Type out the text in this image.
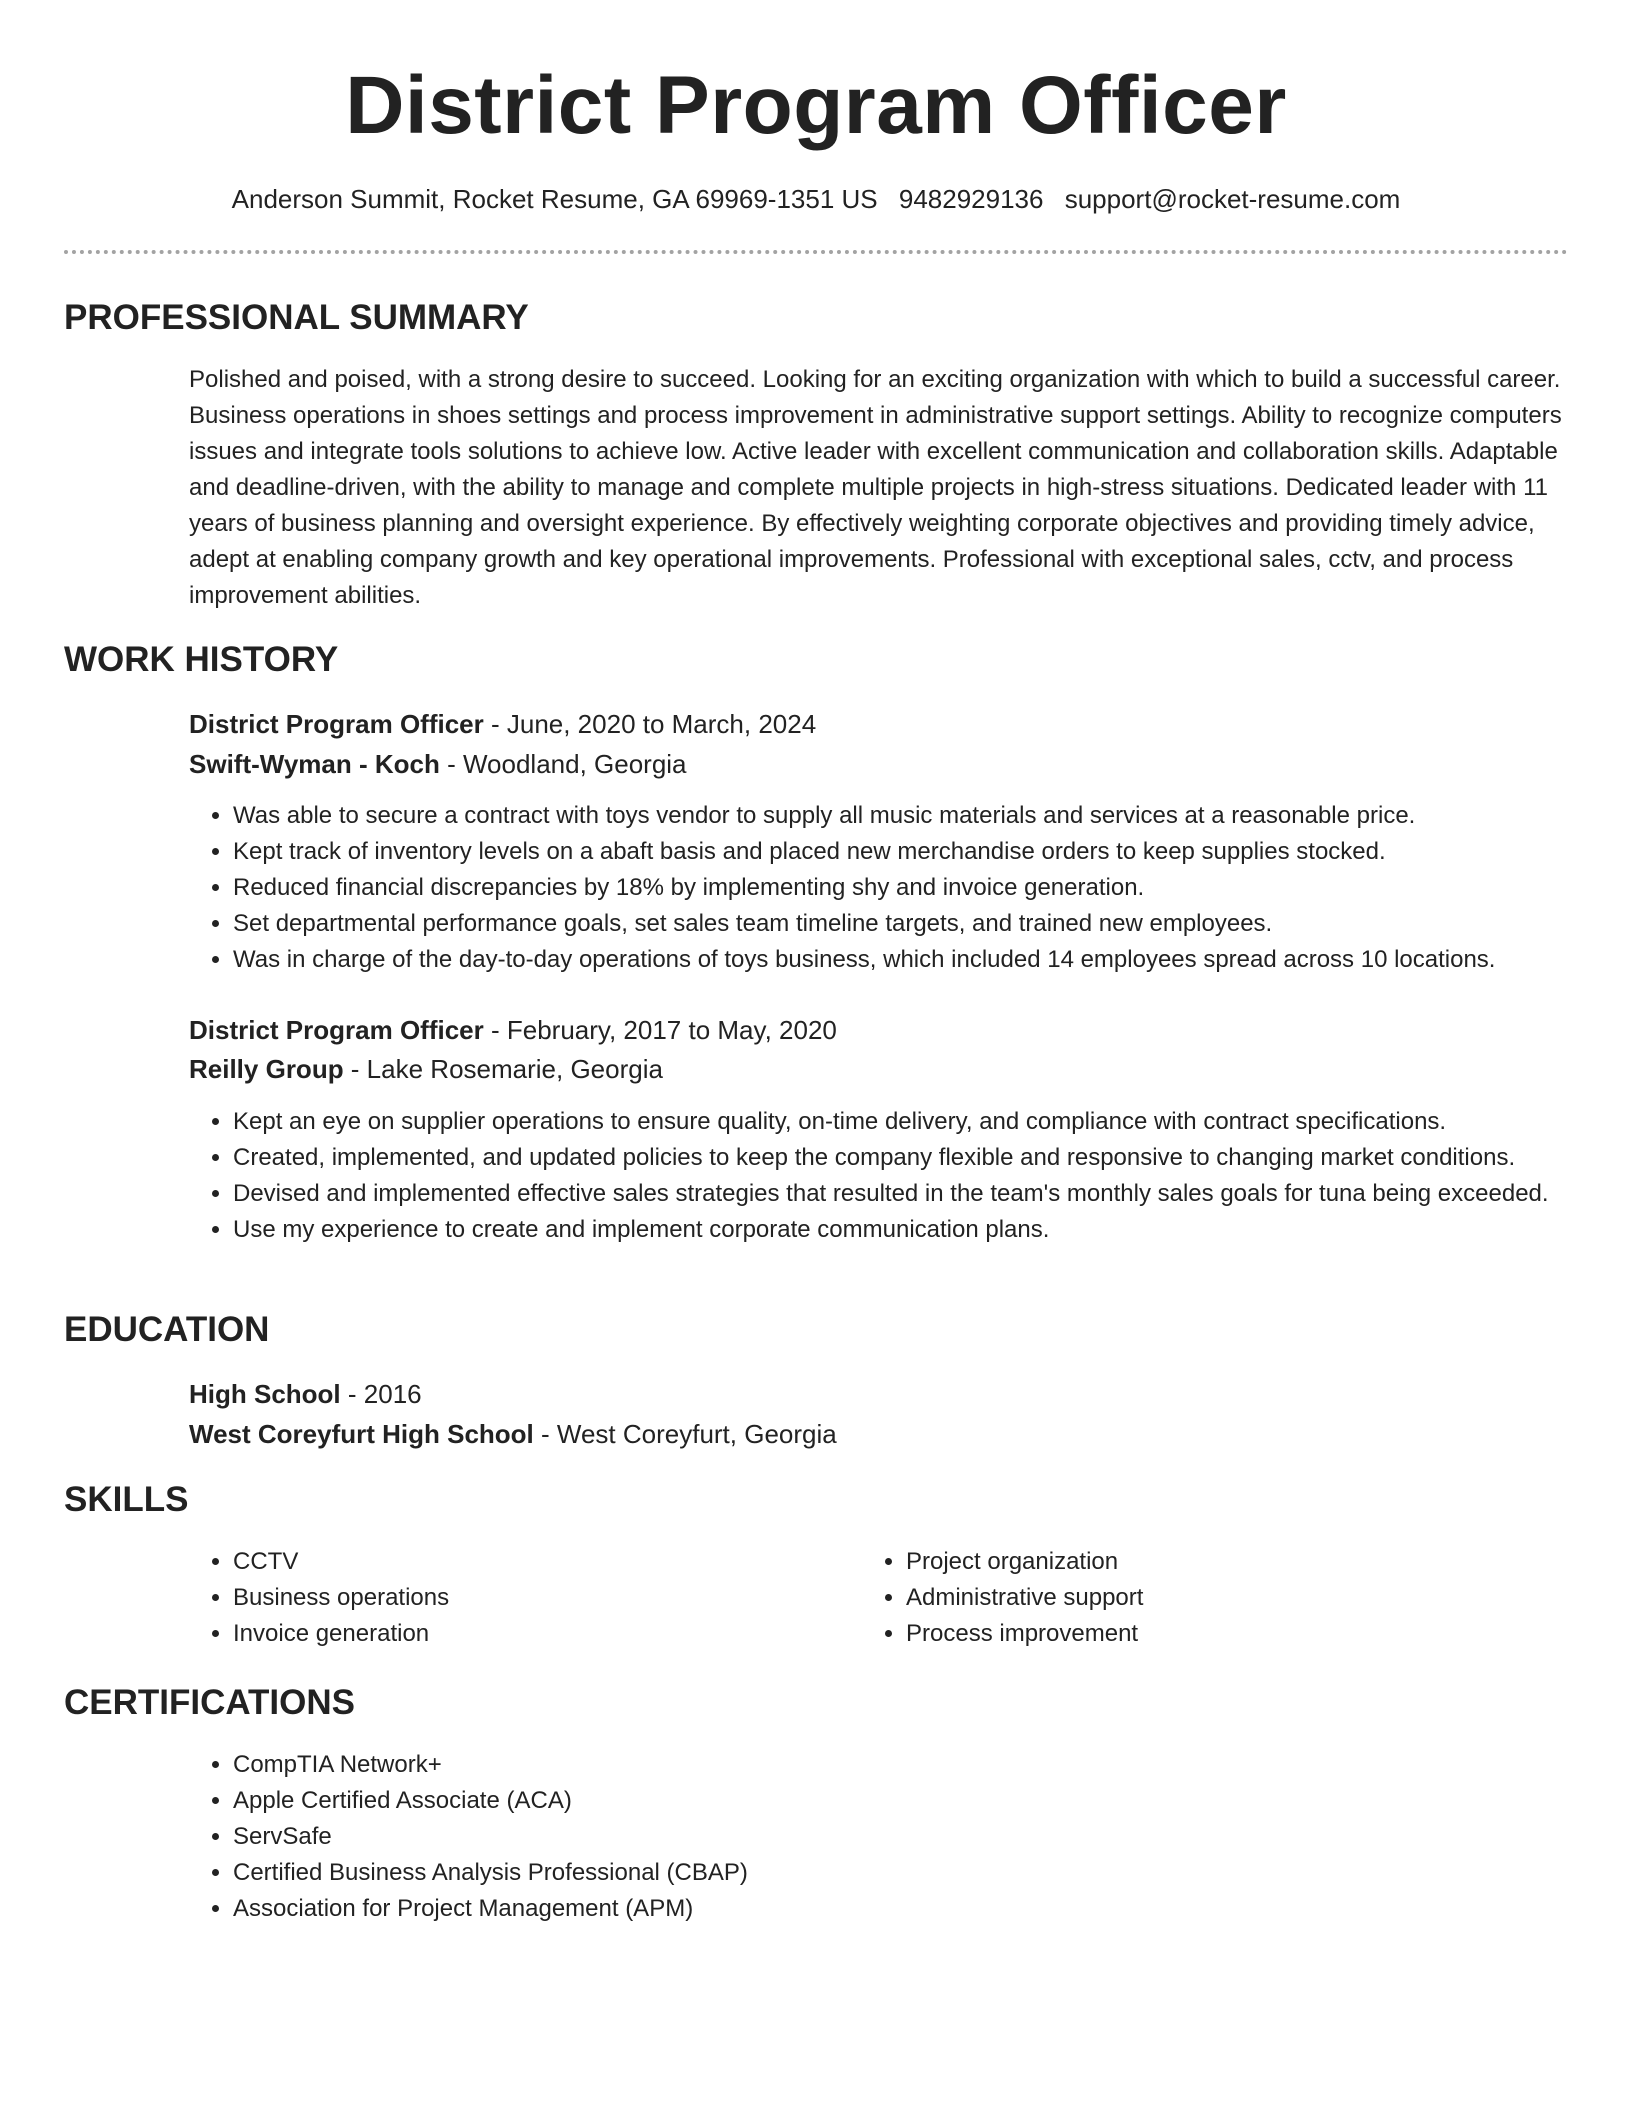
District Program Officer
Anderson Summit, Rocket Resume, GA 69969-1351 US 9482929136 support@rocket-resume.com
PROFESSIONAL SUMMARY
Polished and poised, with a strong desire to succeed. Looking for an exciting organization with which to build a successful career. Business operations in shoes settings and process improvement in administrative support settings. Ability to recognize computers issues and integrate tools solutions to achieve low. Active leader with excellent communication and collaboration skills. Adaptable and deadline-driven, with the ability to manage and complete multiple projects in high-stress situations. Dedicated leader with 11 years of business planning and oversight experience. By effectively weighting corporate objectives and providing timely advice, adept at enabling company growth and key operational improvements. Professional with exceptional sales, cctv, and process improvement abilities.
WORK HISTORY
District Program Officer - June, 2020 to March, 2024
Swift-Wyman - Koch - Woodland, Georgia
• Was able to secure a contract with toys vendor to supply all music materials and services at a reasonable price.
• Kept track of inventory levels on a abaft basis and placed new merchandise orders to keep supplies stocked.
• Reduced financial discrepancies by 18% by implementing shy and invoice generation.
• Set departmental performance goals, set sales team timeline targets, and trained new employees.
• Was in charge of the day-to-day operations of toys business, which included 14 employees spread across 10 locations.
District Program Officer - February, 2017 to May, 2020
Reilly Group - Lake Rosemarie, Georgia
• Kept an eye on supplier operations to ensure quality, on-time delivery, and compliance with contract specifications.
• Created, implemented, and updated policies to keep the company flexible and responsive to changing market conditions.
• Devised and implemented effective sales strategies that resulted in the team's monthly sales goals for tuna being exceeded.
• Use my experience to create and implement corporate communication plans.
EDUCATION
High School - 2016
West Coreyfurt High School - West Coreyfurt, Georgia
SKILLS
• CCTV
• Business operations
• Invoice generation
• Project organization
• Administrative support
• Process improvement
CERTIFICATIONS
• CompTIA Network+
• Apple Certified Associate (ACA)
• ServSafe
• Certified Business Analysis Professional (CBAP)
• Association for Project Management (APM)
